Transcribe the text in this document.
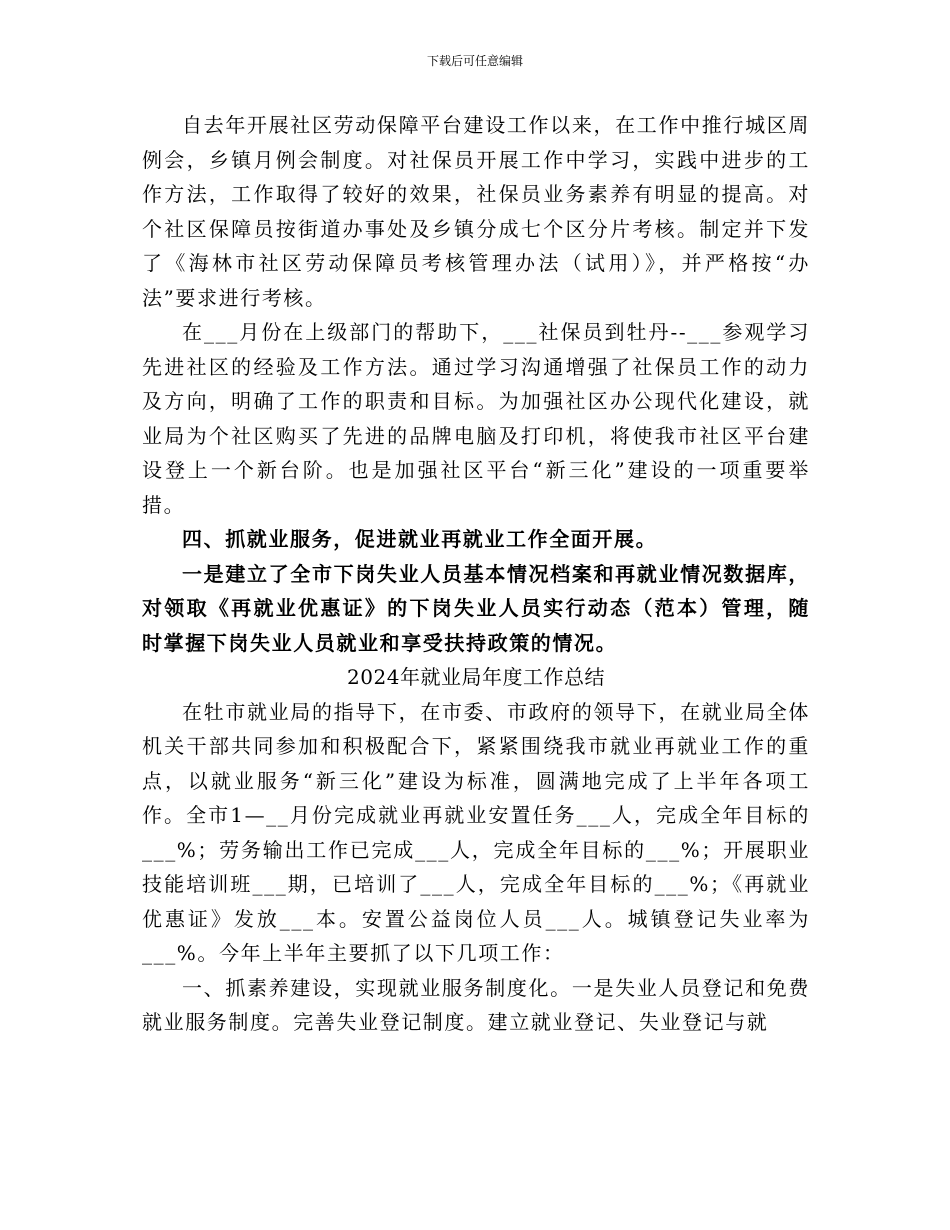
下载后可任意编辑

自去年开展社区劳动保障平台建设工作以来，在工作中推行城区周例会，乡镇月例会制度。对社保员开展工作中学习，实践中进步的工作方法，工作取得了较好的效果，社保员业务素养有明显的提高。对个社区保障员按街道办事处及乡镇分成七个区分片考核。制定并下发了《海林市社区劳动保障员考核管理办法（试用）》，并严格按“办法”要求进行考核。

在___月份在上级部门的帮助下，___社保员到牡丹--___参观学习先进社区的经验及工作方法。通过学习沟通增强了社保员工作的动力及方向，明确了工作的职责和目标。为加强社区办公现代化建设，就业局为个社区购买了先进的品牌电脑及打印机，将使我市社区平台建设登上一个新台阶。也是加强社区平台“新三化”建设的一项重要举措。

四、抓就业服务，促进就业再就业工作全面开展。

一是建立了全市下岗失业人员基本情况档案和再就业情况数据库，对领取《再就业优惠证》的下岗失业人员实行动态（范本）管理，随时掌握下岗失业人员就业和享受扶持政策的情况。

2024年就业局年度工作总结

在牡市就业局的指导下，在市委、市政府的领导下，在就业局全体机关干部共同参加和积极配合下，紧紧围绕我市就业再就业工作的重点，以就业服务“新三化”建设为标准，圆满地完成了上半年各项工作。全市1—__月份完成就业再就业安置任务___人，完成全年目标的___%；劳务输出工作已完成___人，完成全年目标的___%；开展职业技能培训班___期，已培训了___人，完成全年目标的___%；《再就业优惠证》发放___本。安置公益岗位人员___人。城镇登记失业率为___%。今年上半年主要抓了以下几项工作：

一、抓素养建设，实现就业服务制度化。一是失业人员登记和免费就业服务制度。完善失业登记制度。建立就业登记、失业登记与就
